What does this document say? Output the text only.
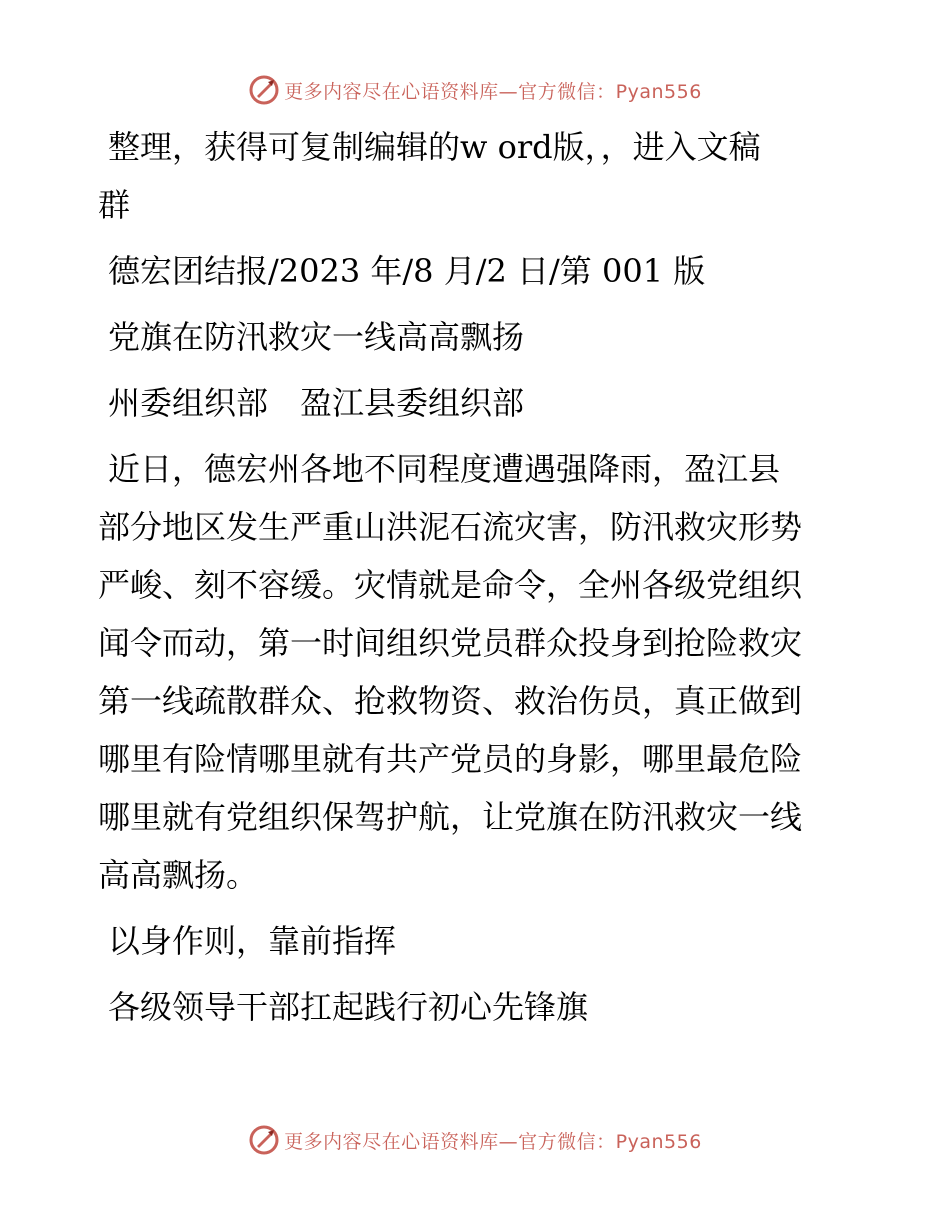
更多内容尽在心语资料库—官方微信：Pyan556
整理，获得可复制编辑的w ord版，，进入文稿
群
德宏团结报/2023 年/8 月/2 日/第 001 版
党旗在防汛救灾一线高高飘扬
州委组织部　盈江县委组织部
近日，德宏州各地不同程度遭遇强降雨，盈江县
部分地区发生严重山洪泥石流灾害，防汛救灾形势
严峻、刻不容缓。灾情就是命令，全州各级党组织
闻令而动，第一时间组织党员群众投身到抢险救灾
第一线疏散群众、抢救物资、救治伤员，真正做到
哪里有险情哪里就有共产党员的身影，哪里最危险
哪里就有党组织保驾护航，让党旗在防汛救灾一线
高高飘扬。
以身作则，靠前指挥
各级领导干部扛起践行初心先锋旗
更多内容尽在心语资料库—官方微信：Pyan556
